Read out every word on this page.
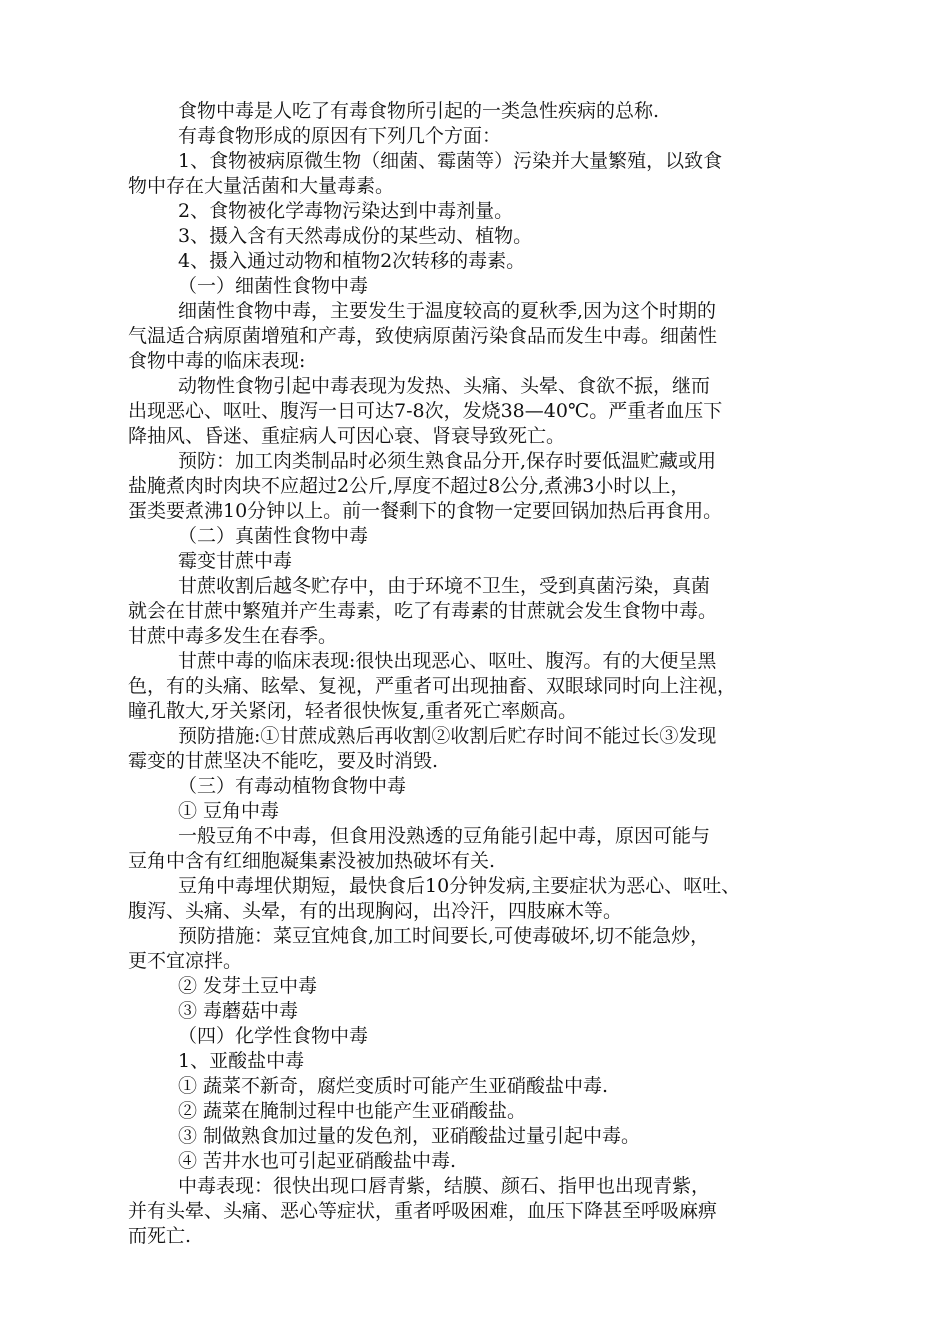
食物中毒是人吃了有毒食物所引起的一类急性疾病的总称.
有毒食物形成的原因有下列几个方面：
1、食物被病原微生物（细菌、霉菌等）污染并大量繁殖，以致食
物中存在大量活菌和大量毒素。
2、食物被化学毒物污染达到中毒剂量。
3、摄入含有天然毒成份的某些动、植物。
4、摄入通过动物和植物2次转移的毒素。
（一）细菌性食物中毒
细菌性食物中毒，主要发生于温度较高的夏秋季,因为这个时期的
气温适合病原菌增殖和产毒，致使病原菌污染食品而发生中毒。细菌性
食物中毒的临床表现:
动物性食物引起中毒表现为发热、头痛、头晕、食欲不振，继而
出现恶心、呕吐、腹泻一日可达7-8次，发烧38—40℃。严重者血压下
降抽风、昏迷、重症病人可因心衰、肾衰导致死亡。
预防：加工肉类制品时必须生熟食品分开,保存时要低温贮藏或用
盐腌煮肉时肉块不应超过2公斤,厚度不超过8公分,煮沸3小时以上，
蛋类要煮沸10分钟以上。前一餐剩下的食物一定要回锅加热后再食用。
（二）真菌性食物中毒
霉变甘蔗中毒
甘蔗收割后越冬贮存中，由于环境不卫生，受到真菌污染，真菌
就会在甘蔗中繁殖并产生毒素，吃了有毒素的甘蔗就会发生食物中毒。
甘蔗中毒多发生在春季。
甘蔗中毒的临床表现:很快出现恶心、呕吐、腹泻。有的大便呈黑
色，有的头痛、眩晕、复视，严重者可出现抽畜、双眼球同时向上注视，
瞳孔散大,牙关紧闭，轻者很快恢复,重者死亡率颇高。
预防措施:①甘蔗成熟后再收割②收割后贮存时间不能过长③发现
霉变的甘蔗坚决不能吃，要及时消毁.
（三）有毒动植物食物中毒
① 豆角中毒
一般豆角不中毒，但食用没熟透的豆角能引起中毒，原因可能与
豆角中含有红细胞凝集素没被加热破坏有关.
豆角中毒埋伏期短，最快食后10分钟发病,主要症状为恶心、呕吐、
腹泻、头痛、头晕，有的出现胸闷，出冷汗，四肢麻木等。
预防措施：菜豆宜炖食,加工时间要长,可使毒破坏,切不能急炒，
更不宜凉拌。
② 发芽土豆中毒
③ 毒蘑菇中毒
（四）化学性食物中毒
1、亚酸盐中毒
① 蔬菜不新奇，腐烂变质时可能产生亚硝酸盐中毒.
② 蔬菜在腌制过程中也能产生亚硝酸盐。
③ 制做熟食加过量的发色剂，亚硝酸盐过量引起中毒。
④ 苦井水也可引起亚硝酸盐中毒.
中毒表现：很快出现口唇青紫，结膜、颜石、指甲也出现青紫，
并有头晕、头痛、恶心等症状，重者呼吸困难，血压下降甚至呼吸麻痹
而死亡.
